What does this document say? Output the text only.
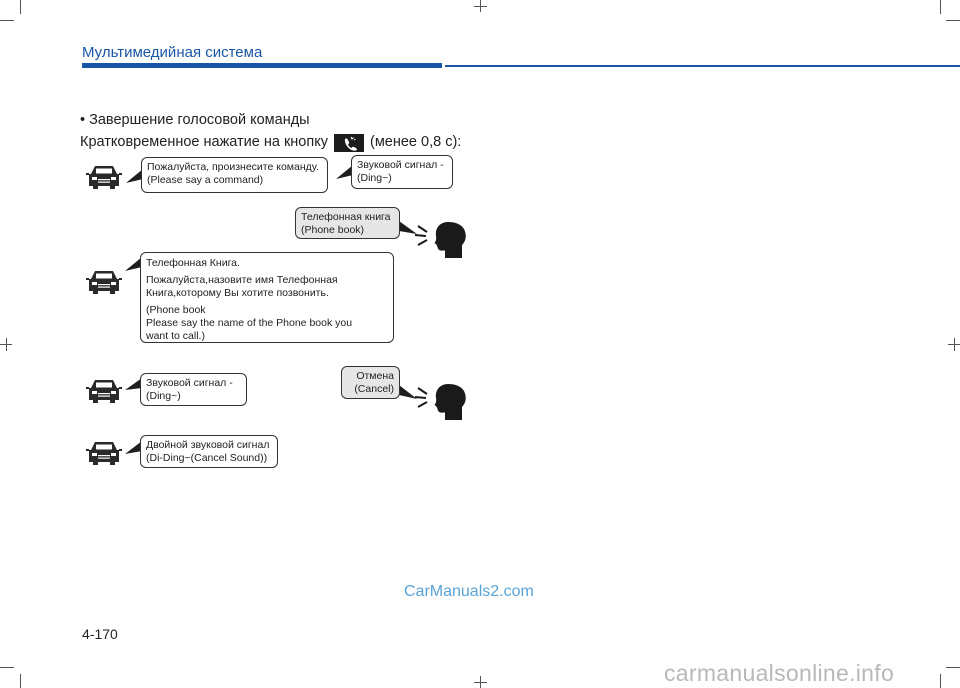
Мультимедийная система
• Завершение голосовой команды
Кратковременное нажатие на кнопку	(менее 0,8 с):

Пожалуйста, произнесите команду.
(Please say a command)

Звуковой сигнал -
(Ding~)

Телефонная книга
(Phone book)

Телефонная Книга.

Пожалуйста,назовите имя Телефонная
Книга,которому Вы хотите позвонить.

(Phone book
Please say the name of the Phone book you
want to call.)

Звуковой сигнал -
(Ding~)

Отмена
(Cancel)

Двойной звуковой сигнал
(Di-Ding~(Cancel Sound))

CarManuals2.com
4-170
carmanualsonline.info
